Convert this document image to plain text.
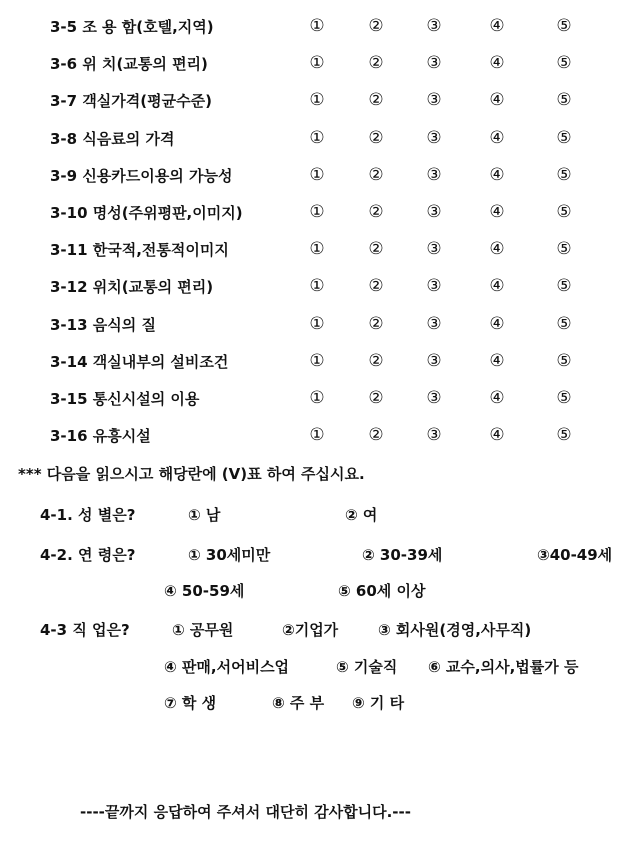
3-5 조 용 함(호텔,지역)	①	②	③	④	⑤
3-6 위 치(교통의 편리)	①	②	③	④	⑤
3-7 객실가격(평균수준)	①	②	③	④	⑤
3-8 식음료의 가격	①	②	③	④	⑤
3-9 신용카드이용의 가능성	①	②	③	④	⑤
3-10 명성(주위평판,이미지)	①	②	③	④	⑤
3-11 한국적,전통적이미지	①	②	③	④	⑤
3-12 위치(교통의 편리)	①	②	③	④	⑤
3-13 음식의 질	①	②	③	④	⑤
3-14 객실내부의 설비조건	①	②	③	④	⑤
3-15 통신시설의 이용	①	②	③	④	⑤
3-16 유흥시설	①	②	③	④	⑤
*** 다음을 읽으시고 해당란에 (V)표 하여 주십시요.
4-1. 성 별은?	① 남	② 여
4-2. 연 령은?	① 30세미만	② 30-39세	③40-49세
④ 50-59세	⑤ 60세 이상
4-3 직 업은?	① 공무원	②기업가	③ 회사원(경영,사무직)
④ 판매,서어비스업	⑤ 기술직 ⑥ 교수,의사,법률가 등
⑦ 학 생	⑧ 주 부 ⑨ 기 타
----끝까지 응답하여 주셔서 대단히 감사합니다.---
